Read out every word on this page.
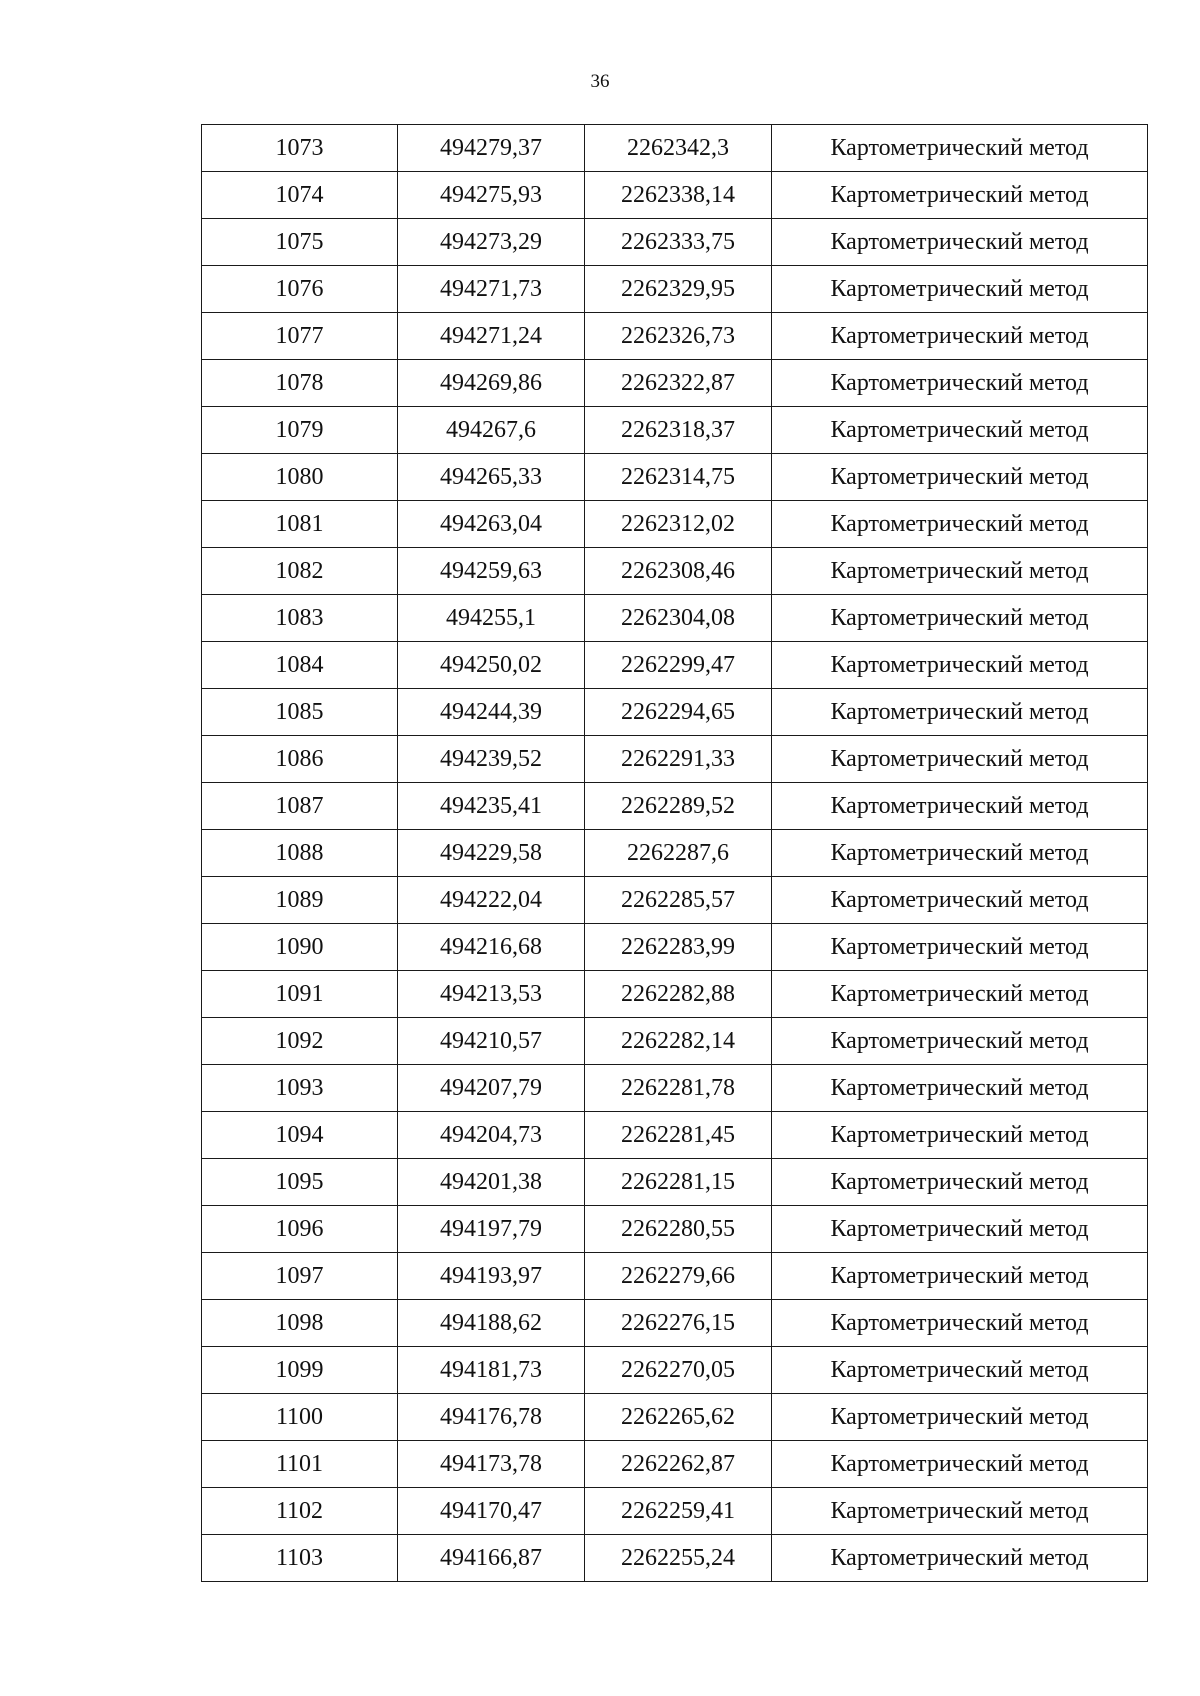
36
1073	494279,37	2262342,3	Картометрический метод
1074	494275,93	2262338,14	Картометрический метод
1075	494273,29	2262333,75	Картометрический метод
1076	494271,73	2262329,95	Картометрический метод
1077	494271,24	2262326,73	Картометрический метод
1078	494269,86	2262322,87	Картометрический метод
1079	494267,6	2262318,37	Картометрический метод
1080	494265,33	2262314,75	Картометрический метод
1081	494263,04	2262312,02	Картометрический метод
1082	494259,63	2262308,46	Картометрический метод
1083	494255,1	2262304,08	Картометрический метод
1084	494250,02	2262299,47	Картометрический метод
1085	494244,39	2262294,65	Картометрический метод
1086	494239,52	2262291,33	Картометрический метод
1087	494235,41	2262289,52	Картометрический метод
1088	494229,58	2262287,6	Картометрический метод
1089	494222,04	2262285,57	Картометрический метод
1090	494216,68	2262283,99	Картометрический метод
1091	494213,53	2262282,88	Картометрический метод
1092	494210,57	2262282,14	Картометрический метод
1093	494207,79	2262281,78	Картометрический метод
1094	494204,73	2262281,45	Картометрический метод
1095	494201,38	2262281,15	Картометрический метод
1096	494197,79	2262280,55	Картометрический метод
1097	494193,97	2262279,66	Картометрический метод
1098	494188,62	2262276,15	Картометрический метод
1099	494181,73	2262270,05	Картометрический метод
1100	494176,78	2262265,62	Картометрический метод
1101	494173,78	2262262,87	Картометрический метод
1102	494170,47	2262259,41	Картометрический метод
1103	494166,87	2262255,24	Картометрический метод
